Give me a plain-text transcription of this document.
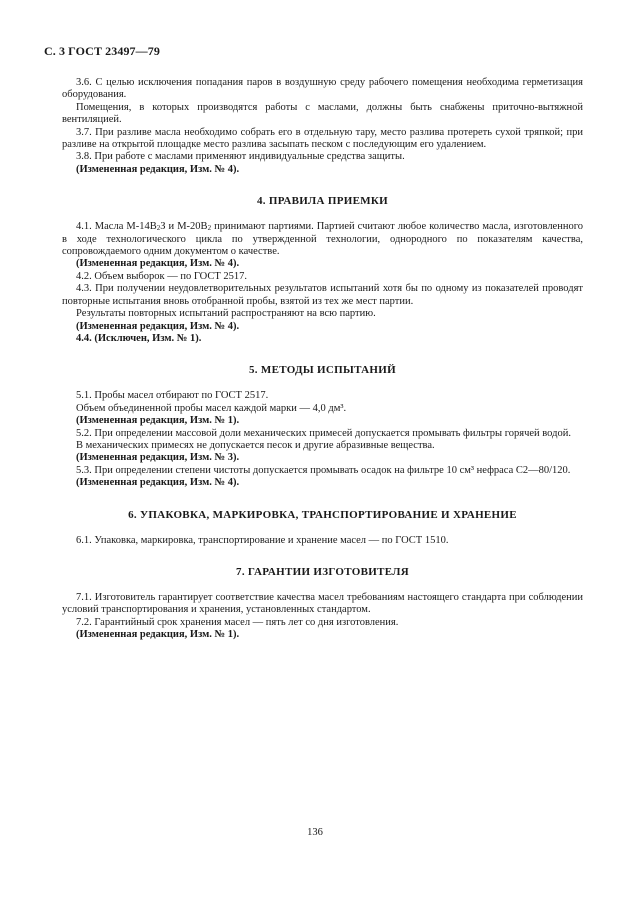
С. 3 ГОСТ 23497—79

3.6. С целью исключения попадания паров в воздушную среду рабочего помещения необходима герметизация оборудования.

Помещения, в которых производятся работы с маслами, должны быть снабжены приточно-вытяжной вентиляцией.

3.7. При разливе масла необходимо собрать его в отдельную тару, место разлива протереть сухой тряпкой; при разливе на открытой площадке место разлива засыпать песком с последующим его удалением.

3.8. При работе с маслами применяют индивидуальные средства защиты.

(Измененная редакция, Изм. № 4).

4. ПРАВИЛА ПРИЕМКИ

4.1. Масла $М-14В_2З$ и $М-20В_2$ принимают партиями. Партией считают любое количество масла, изготовленного в ходе технологического цикла по утвержденной технологии, однородного по показателям качества, сопровождаемого одним документом о качестве.

(Измененная редакция, Изм. № 4).

4.2. Объем выборок — по ГОСТ 2517.

4.3. При получении неудовлетворительных результатов испытаний хотя бы по одному из показателей проводят повторные испытания вновь отобранной пробы, взятой из тех же мест партии.

Результаты повторных испытаний распространяют на всю партию.

(Измененная редакция, Изм. № 4).

4.4. (Исключен, Изм. № 1).

5. МЕТОДЫ ИСПЫТАНИЙ

5.1. Пробы масел отбирают по ГОСТ 2517.

Объем объединенной пробы масел каждой марки — 4,0 дм³.

(Измененная редакция, Изм. № 1).

5.2. При определении массовой доли механических примесей допускается промывать фильтры горячей водой.

В механических примесях не допускается песок и другие абразивные вещества.

(Измененная редакция, Изм. № 3).

5.3. При определении степени чистоты допускается промывать осадок на фильтре 10 см³ нефраса С2—80/120.

(Измененная редакция, Изм. № 4).

6. УПАКОВКА, МАРКИРОВКА, ТРАНСПОРТИРОВАНИЕ И ХРАНЕНИЕ

6.1. Упаковка, маркировка, транспортирование и хранение масел — по ГОСТ 1510.

7. ГАРАНТИИ ИЗГОТОВИТЕЛЯ

7.1. Изготовитель гарантирует соответствие качества масел требованиям настоящего стандарта при соблюдении условий транспортирования и хранения, установленных стандартом.

7.2. Гарантийный срок хранения масел — пять лет со дня изготовления.

(Измененная редакция, Изм. № 1).

136
